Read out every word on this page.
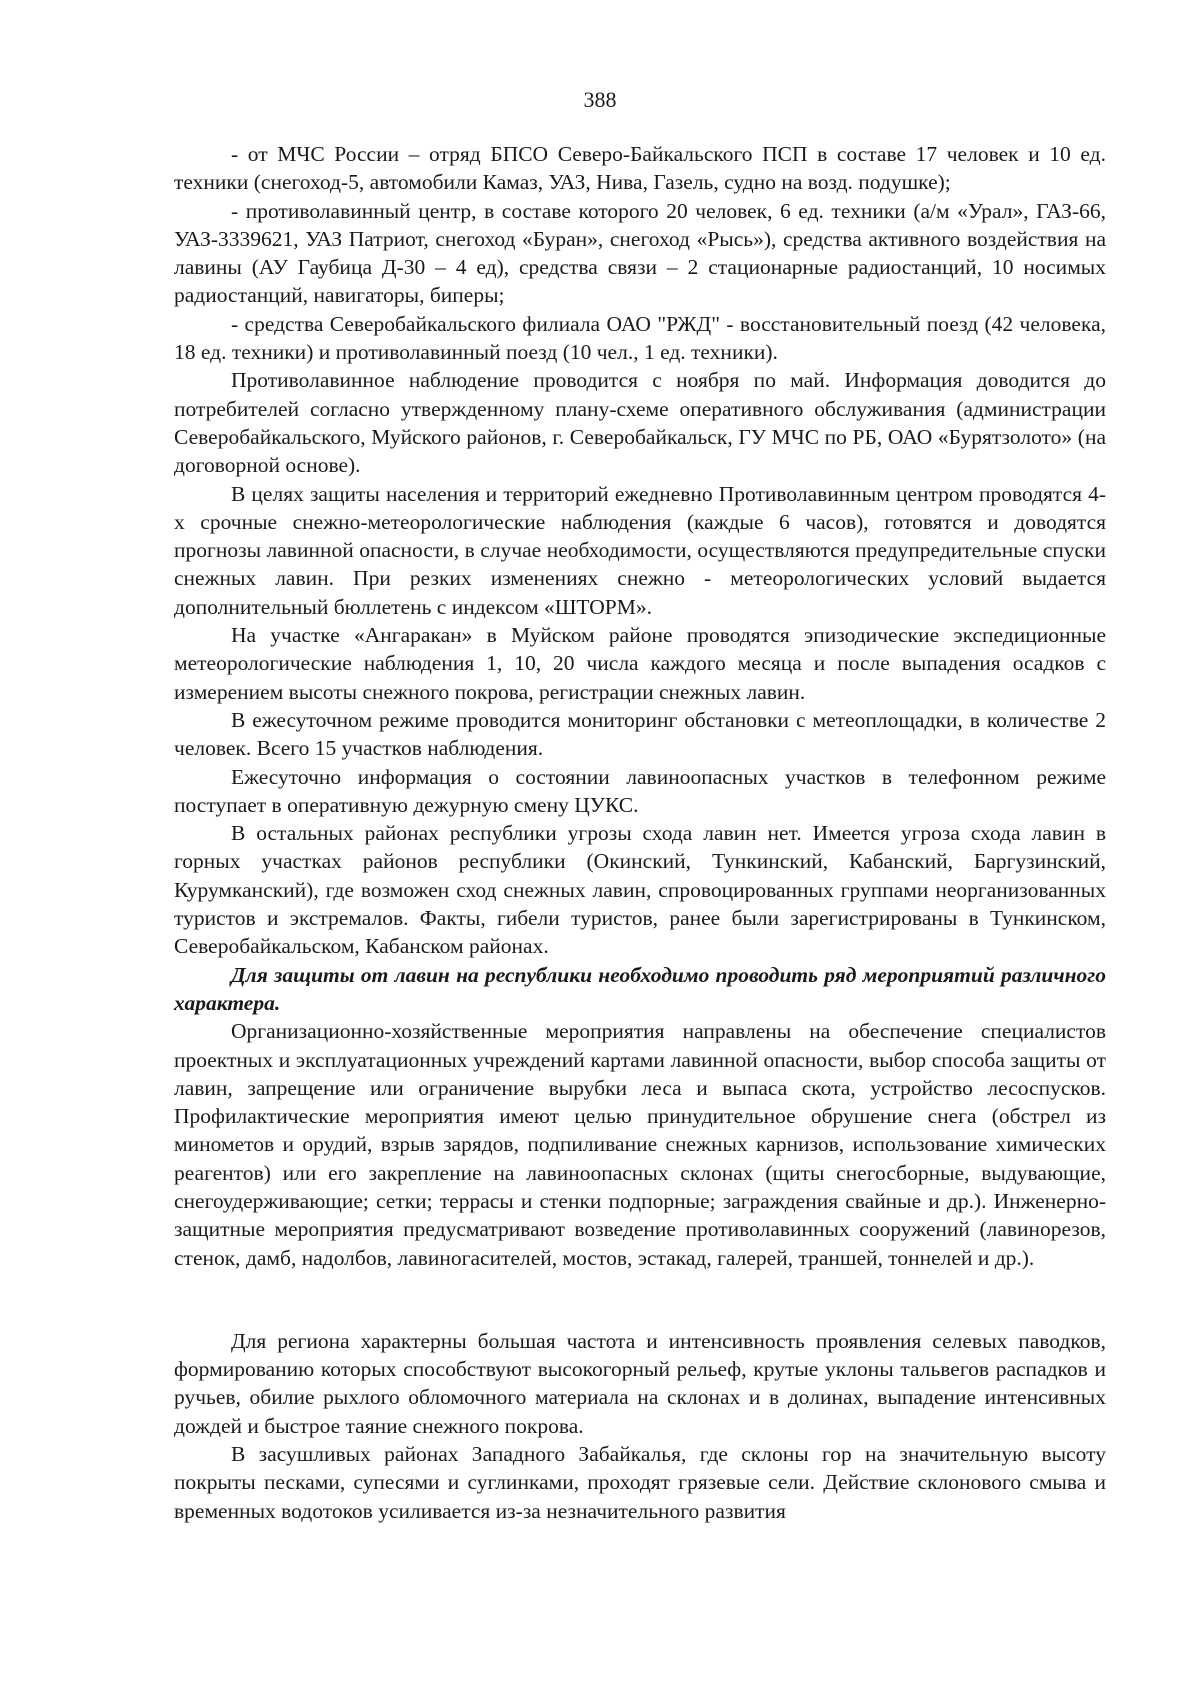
388

- от МЧС России – отряд БПСО Северо-Байкальского ПСП в составе 17 человек и 10 ед. техники (снегоход-5, автомобили Камаз, УАЗ, Нива, Газель, судно на возд. подушке);

- противолавинный центр, в составе которого 20 человек, 6 ед. техники (а/м «Урал», ГАЗ-66, УАЗ-3339621, УАЗ Патриот, снегоход «Буран», снегоход «Рысь»), средства активного воздействия на лавины (АУ Гаубица Д-30 – 4 ед), средства связи – 2 стационарные радиостанций, 10 носимых радиостанций, навигаторы, биперы;

- средства Северобайкальского филиала ОАО "РЖД" - восстановительный поезд (42 человека, 18 ед. техники) и противолавинный поезд (10 чел., 1 ед. техники).

Противолавинное наблюдение проводится с ноября по май. Информация доводится до потребителей согласно утвержденному плану-схеме оперативного обслуживания (администрации Северобайкальского, Муйского районов, г. Северобайкальск, ГУ МЧС по РБ, ОАО «Бурятзолото» (на договорной основе).

В целях защиты населения и территорий ежедневно Противолавинным центром проводятся 4-х срочные снежно-метеорологические наблюдения (каждые 6 часов), готовятся и доводятся прогнозы лавинной опасности, в случае необходимости, осуществляются предупредительные спуски снежных лавин. При резких изменениях снежно - метеорологических условий выдается дополнительный бюллетень с индексом «ШТОРМ».

На участке «Ангаракан» в Муйском районе проводятся эпизодические экспедиционные метеорологические наблюдения 1, 10, 20 числа каждого месяца и после выпадения осадков с измерением высоты снежного покрова, регистрации снежных лавин.

В ежесуточном режиме проводится мониторинг обстановки с метеоплощадки, в количестве 2 человек. Всего 15 участков наблюдения.

Ежесуточно информация о состоянии лавиноопасных участков в телефонном режиме поступает в оперативную дежурную смену ЦУКС.

В остальных районах республики угрозы схода лавин нет. Имеется угроза схода лавин в горных участках районов республики (Окинский, Тункинский, Кабанский, Баргузинский, Курумканский), где возможен сход снежных лавин, спровоцированных группами неорганизованных туристов и экстремалов. Факты, гибели туристов, ранее были зарегистрированы в Тункинском, Северобайкальском, Кабанском районах.

Для защиты от лавин на республики необходимо проводить ряд мероприятий различного характера.

Организационно-хозяйственные мероприятия направлены на обеспечение специалистов проектных и эксплуатационных учреждений картами лавинной опасности, выбор способа защиты от лавин, запрещение или ограничение вырубки леса и выпаса скота, устройство лесоспусков. Профилактические мероприятия имеют целью принудительное обрушение снега (обстрел из минометов и орудий, взрыв зарядов, подпиливание снежных карнизов, использование химических реагентов) или его закрепление на лавиноопасных склонах (щиты снегосборные, выдувающие, снегоудерживающие; сетки; террасы и стенки подпорные; заграждения свайные и др.). Инженерно-защитные мероприятия предусматривают возведение противолавинных сооружений (лавинорезов, стенок, дамб, надолбов, лавиногасителей, мостов, эстакад, галерей, траншей, тоннелей и др.).

Для региона характерны большая частота и интенсивность проявления селевых паводков, формированию которых способствуют высокогорный рельеф, крутые уклоны тальвегов распадков и ручьев, обилие рыхлого обломочного материала на склонах и в долинах, выпадение интенсивных дождей и быстрое таяние снежного покрова.

В засушливых районах Западного Забайкалья, где склоны гор на значительную высоту покрыты песками, супесями и суглинками, проходят грязевые сели. Действие склонового смыва и временных водотоков усиливается из-за незначительного развития
